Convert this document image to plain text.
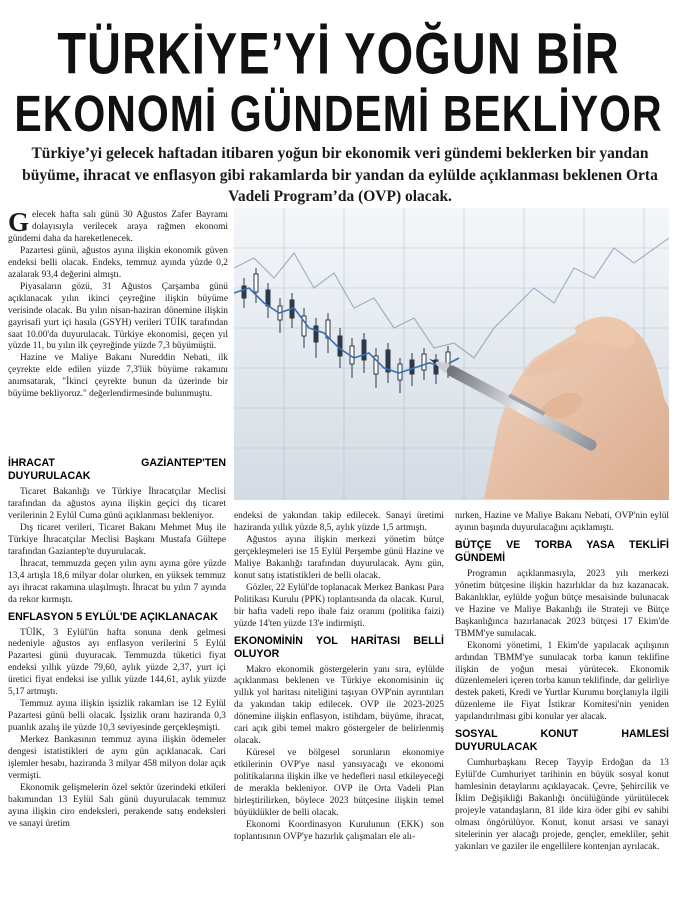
TÜRKİYE’Yİ YOĞUN BİR
EKONOMİ GÜNDEMİ BEKLİYOR

Türkiye’yi gelecek haftadan itibaren yoğun bir ekonomik veri gündemi beklerken bir yandan büyüme, ihracat ve enflasyon gibi rakamlarda bir yandan da eylülde açıklanması beklenen Orta Vadeli Program’da (OVP) olacak.

Gelecek hafta salı günü 30 Ağustos Zafer Bayramı dolayısıyla verilecek araya rağmen ekonomi gündemi daha da hareketlenecek.

Pazartesi günü, ağustos ayına ilişkin ekonomik güven endeksi belli olacak. Endeks, temmuz ayında yüzde 0,2 azalarak 93,4 değerini almıştı.

Piyasaların gözü, 31 Ağustos Çarşamba günü açıklanacak yılın ikinci çeyreğine ilişkin büyüme verisinde olacak. Bu yılın nisan-haziran dönemine ilişkin gayrisafi yurt içi hasıla (GSYH) verileri TÜİK tarafından saat 10.00'da duyurulacak. Türkiye ekonomisi, geçen yıl yüzde 11, bu yılın ilk çeyreğinde yüzde 7,3 büyümüştü.

Hazine ve Maliye Bakanı Nureddin Nebati, ilk çeyrekte elde edilen yüzde 7,3'lük büyüme rakamını anımsatarak, "İkinci çeyrekte bunun da üzerinde bir büyüme bekliyoruz." değerlendirmesinde bulunmuştu.

İHRACAT GAZİANTEP'TEN DUYURULACAK

Ticaret Bakanlığı ve Türkiye İhracatçılar Meclisi tarafından da ağustos ayına ilişkin geçici dış ticaret verilerinin 2 Eylül Cuma günü açıklanması bekleniyor.

Dış ticaret verileri, Ticaret Bakanı Mehmet Muş ile Türkiye İhracatçılar Meclisi Başkanı Mustafa Gültepe tarafından Gaziantep'te duyurulacak.

İhracat, temmuzda geçen yılın aynı ayına göre yüzde 13,4 artışla 18,6 milyar dolar olurken, en yüksek temmuz ayı ihracat rakamına ulaşılmıştı. İhracat bu yılın 7 ayında da rekor kırmıştı.

ENFLASYON 5 EYLÜL'DE AÇIKLANACAK

TÜİK, 3 Eylül'ün hafta sonuna denk gelmesi nedeniyle ağustos ayı enflasyon verilerini 5 Eylül Pazartesi günü duyuracak. Temmuzda tüketici fiyat endeksi yıllık yüzde 79,60, aylık yüzde 2,37, yurt içi üretici fiyat endeksi ise yıllık yüzde 144,61, aylık yüzde 5,17 artmıştı.

Temmuz ayına ilişkin işsizlik rakamları ise 12 Eylül Pazartesi günü belli olacak. İşsizlik oranı haziranda 0,3 puanlık azalış ile yüzde 10,3 seviyesinde gerçekleşmişti.

Merkez Bankasının temmuz ayına ilişkin ödemeler dengesi istatistikleri de aynı gün açıklanacak. Cari işlemler hesabı, haziranda 3 milyar 458 milyon dolar açık vermişti.

Ekonomik gelişmelerin özel sektör üzerindeki etkileri bakımından 13 Eylül Salı günü duyurulacak temmuz ayına ilişkin ciro endeksleri, perakende satış endeksleri ve sanayi üretim

endeksi de yakından takip edilecek. Sanayi üretimi haziranda yıllık yüzde 8,5, aylık yüzde 1,5 artmıştı.

Ağustos ayına ilişkin merkezi yönetim bütçe gerçekleşmeleri ise 15 Eylül Perşembe günü Hazine ve Maliye Bakanlığı tarafından duyurulacak. Aynı gün, konut satış istatistikleri de belli olacak.

Gözler, 22 Eylül'de toplanacak Merkez Bankası Para Politikası Kurulu (PPK) toplantısında da olacak. Kurul, bir hafta vadeli repo ihale faiz oranını (politika faizi) yüzde 14'ten yüzde 13'e indirmişti.

EKONOMİNİN YOL HARİTASI BELLİ OLUYOR

Makro ekonomik göstergelerin yanı sıra, eylülde açıklanması beklenen ve Türkiye ekonomisinin üç yıllık yol haritası niteliğini taşıyan OVP'nin ayrıntıları da yakından takip edilecek. OVP ile 2023-2025 dönemine ilişkin enflasyon, istihdam, büyüme, ihracat, cari açık gibi temel makro göstergeler de belirlenmiş olacak.

Küresel ve bölgesel sorunların ekonomiye etkilerinin OVP'ye nasıl yansıyacağı ve ekonomi politikalarına ilişkin ilke ve hedefleri nasıl etkileyeceği de merakla bekleniyor. OVP ile Orta Vadeli Plan birleştirilirken, böylece 2023 bütçesine ilişkin temel büyüklükler de belli olacak.

Ekonomi Koordinasyon Kurulunun (EKK) son toplantısının OVP'ye hazırlık çalışmaları ele alı-

nırken, Hazine ve Maliye Bakanı Nebati, OVP'nin eylül ayının başında duyurulacağını açıklamıştı.

BÜTÇE VE TORBA YASA TEKLİFİ GÜNDEMİ

Programın açıklanmasıyla, 2023 yılı merkezi yönetim bütçesine ilişkin hazırlıklar da hız kazanacak. Bakanlıklar, eylülde yoğun bütçe mesaisinde bulunacak ve Hazine ve Maliye Bakanlığı ile Strateji ve Bütçe Başkanlığınca hazırlanacak 2023 bütçesi 17 Ekim'de TBMM'ye sunulacak.

Ekonomi yönetimi, 1 Ekim'de yapılacak açılışının ardından TBMM'ye sunulacak torba kanun teklifine ilişkin de yoğun mesai yürütecek. Ekonomik düzenlemeleri içeren torba kanun teklifinde, dar gelirliye destek paketi, Kredi ve Yurtlar Kurumu borçlanıyla ilgili düzenleme ile Fiyat İstikrar Komitesi'nin yeniden yapılandırılması gibi konular yer alacak.

SOSYAL KONUT HAMLESİ DUYURULACAK

Cumhurbaşkanı Recep Tayyip Erdoğan da 13 Eylül'de Cumhuriyet tarihinin en büyük sosyal konut hamlesinin detaylarını açıklayacak. Çevre, Şehircilik ve İklim Değişikliği Bakanlığı öncülüğünde yürütülecek projeyle vatandaşların, 81 ilde kira öder gibi ev sahibi olması öngörülüyor. Konut, konut arsası ve sanayi sitelerinin yer alacağı projede, gençler, emekliler, şehit yakınları ve gaziler ile engellilere kontenjan ayrılacak.
